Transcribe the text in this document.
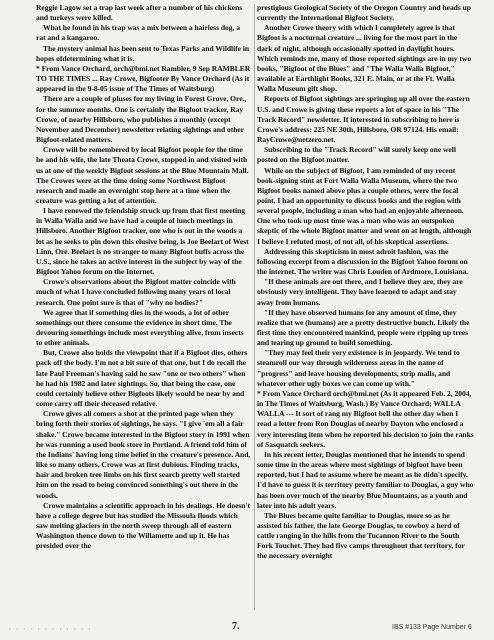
Reggie Lagow set a trap last week after a number of his chickens and turkeys were killed.

What he found in his trap was a mix between a hairless dog, a rat and a kangaroo.

The mystery animal has been sent to Texas Parks and Wildlife in hopes ofdetermining what it is.

* From Vance Orchard, orch@bmi.net Rambler, 9 Sep RAMBLER TO THE TIMES ... Ray Crowe, Bigfooter By Vance Orchard (As it appeared in the 9-8-05 issue of The Times of Waitsburg)

There are a couple of pluses for my living in Forest Grove, Ore., for the summer months. One is certainly the Bigfoot tracker, Ray Crowe, of nearby Hillsboro, who publishes a monthly (except November and December) newsletter relating sightings and other Bigfoot-related matters.

Crowe will be remembered by local Bigfoot people for the time he and his wife, the late Theata Crowe, stopped in and visited with us at one of the weekly Bigfoot sessions at the Blue Mountain Mall. The Crowes were at the time doing some Northwest Bigfoot research and made an overnight stop here at a time when the creature was getting a lot of attention.

I have renewed the friendship struck up from that first meeting in Walla Walla and we have had a couple of lunch meetings in Hillsboro. Another Bigfoot tracker, one who is out in the woods a lot as he seeks to pin down this elusive being, is Joe Beelart of West Linn, Ore. Beelart is no stranger to many Bigfoot buffs across the U.S., since he takes an active interest in the subject by way of the Bigfoot Yahoo forum on the Internet.

Crowe's observations about the Bigfoot matter coincide with much of what I have concluded following many years of local research. One point sure is that of "why no bodies?"

We agree that if something dies in the woods, a lot of other somethings out there consume the evidence in short time. The devouring somethings include most everything alive, from insects to other animals.

But, Crowe also holds the viewpoint that if a Bigfoot dies, others pack off the body. I'm not a bit sure of that one, but I do recall the late Paul Freeman's having said he saw "one or two others" when he had his 1982 and later sightings. So, that being the case, one could certainly believe other Bigfoots likely would be near by and come carry off their deceased relative.

Crowe gives all comers a shot at the printed page when they bring forth their stories of sightings, he says. "I give 'em all a fair shake." Crowe became interested in the Bigfoot story in 1991 when he was running a used book store in Portland. A friend told him of the Indians' having long time belief in the creature's presence. And, like so many others, Crowe was at first dubious. Finding tracks, hair and broken tree limbs on his first search pretty well started him on the road to being convinced something's out there in the woods.

Crowe maintains a scientific approach in his dealings. He doesn't have a college degree but has studied the Missoula floods which saw melting glaciers in the north sweep through all of eastern Washington thence down to the Willamette and up it. He has presided over the

prestigious Geological Society of the Oregon Country and heads up currently the International Bigfoot Society.

Another Crowe theory with which I completely agree is that Bigfoot is a nocturnal creature ... living for the most part in the dark of night, although occasionally spotted in daylight hours. Which reminds me, many of those reported sightings are in my two books, "Bigfoot of the Blues" and "The Walla Walla Bigfoot," available at Earthlight Books, 321 E. Main, or at the Ft. Walla Walla Museum gift shop.

Reports of Bigfoot sightings are springing up all over the eastern U.S. and Crowe is giving these reports a lot of space in his "The Track Record" newsletter. If interested in subscribing to here is Crowe's address: 225 NE 30th, Hillsboro, OR 97124. His email: RayCrowe@netzero.net.

Subscribing to the "Track Record" will surely keep one well posted on the Bigfoot matter.

While on the subject of Bigfoot, I am reminded of my recent book-signing stint at Fort Walla Walla Museum, where the two Bigfoot books named above plus a couple others, were the focal point. I had an opportunity to discuss books and the region with several people, including a man who had an enjoyable afternoon. One who took up most time was a man who was an outspoken skeptic of the whole Bigfoot matter and went on at length, although I believe I refuted most, of not all, of his skeptical assertions.

Addressing this skepticism in most adroit fashion, was the following excerpt from a discussion in the Bigfoot Yahoo forum on the internet. The writer was Chris Louden of Ardmore, Louisiana.

"If these animals are out there, and I believe they are, they are obviously very intelligent. They have learned to adapt and stay away from humans.

"If they have observed humans for any amount of time, they realize that we (humans) are a pretty destructive bunch. Likely the first time they encountered mankind, people were ripping up trees and tearing up ground to build something.

"They may feel their very existence is in jeopardy. We tend to steamroll our way through wilderness areas in the name of "progress" and leave housing developments, strip malls, and whatever other ugly boxes we can come up with."

* From Vance Orchard orch@bmi.net (As it appeared Feb. 2, 2004, in The Times of Waitsburg, Wash.) By Vance Orchard; WALLA WALLA --- It sort of rang my Bigfoot bell the other day when I read a letter from Ron Douglas of nearby Dayton who enclosed a very interesting item when he reported his decision to join the ranks of Sasquatch seekers.

In his recent letter, Douglas mentioned that he intends to spend some time in the areas where most sightings of bigfoot have been reported, but I had to assume where he meant as he didn't specify. I'd have to guess it is territory pretty familiar to Douglas, a guy who has been over much of the nearby Blue Mountains, as a youth and later into his adult years.

The Blues became quite familiar to Douglas, more so as he assisted his father, the late George Douglas, to cowboy a herd of cattle ranging in the hills from the Tucannon River to the South Fork Touchet. They had five camps throughout that territory, for the necessary overnight

· · · · · · · · · · · ·	7.	IBS #133 Page Number 6
